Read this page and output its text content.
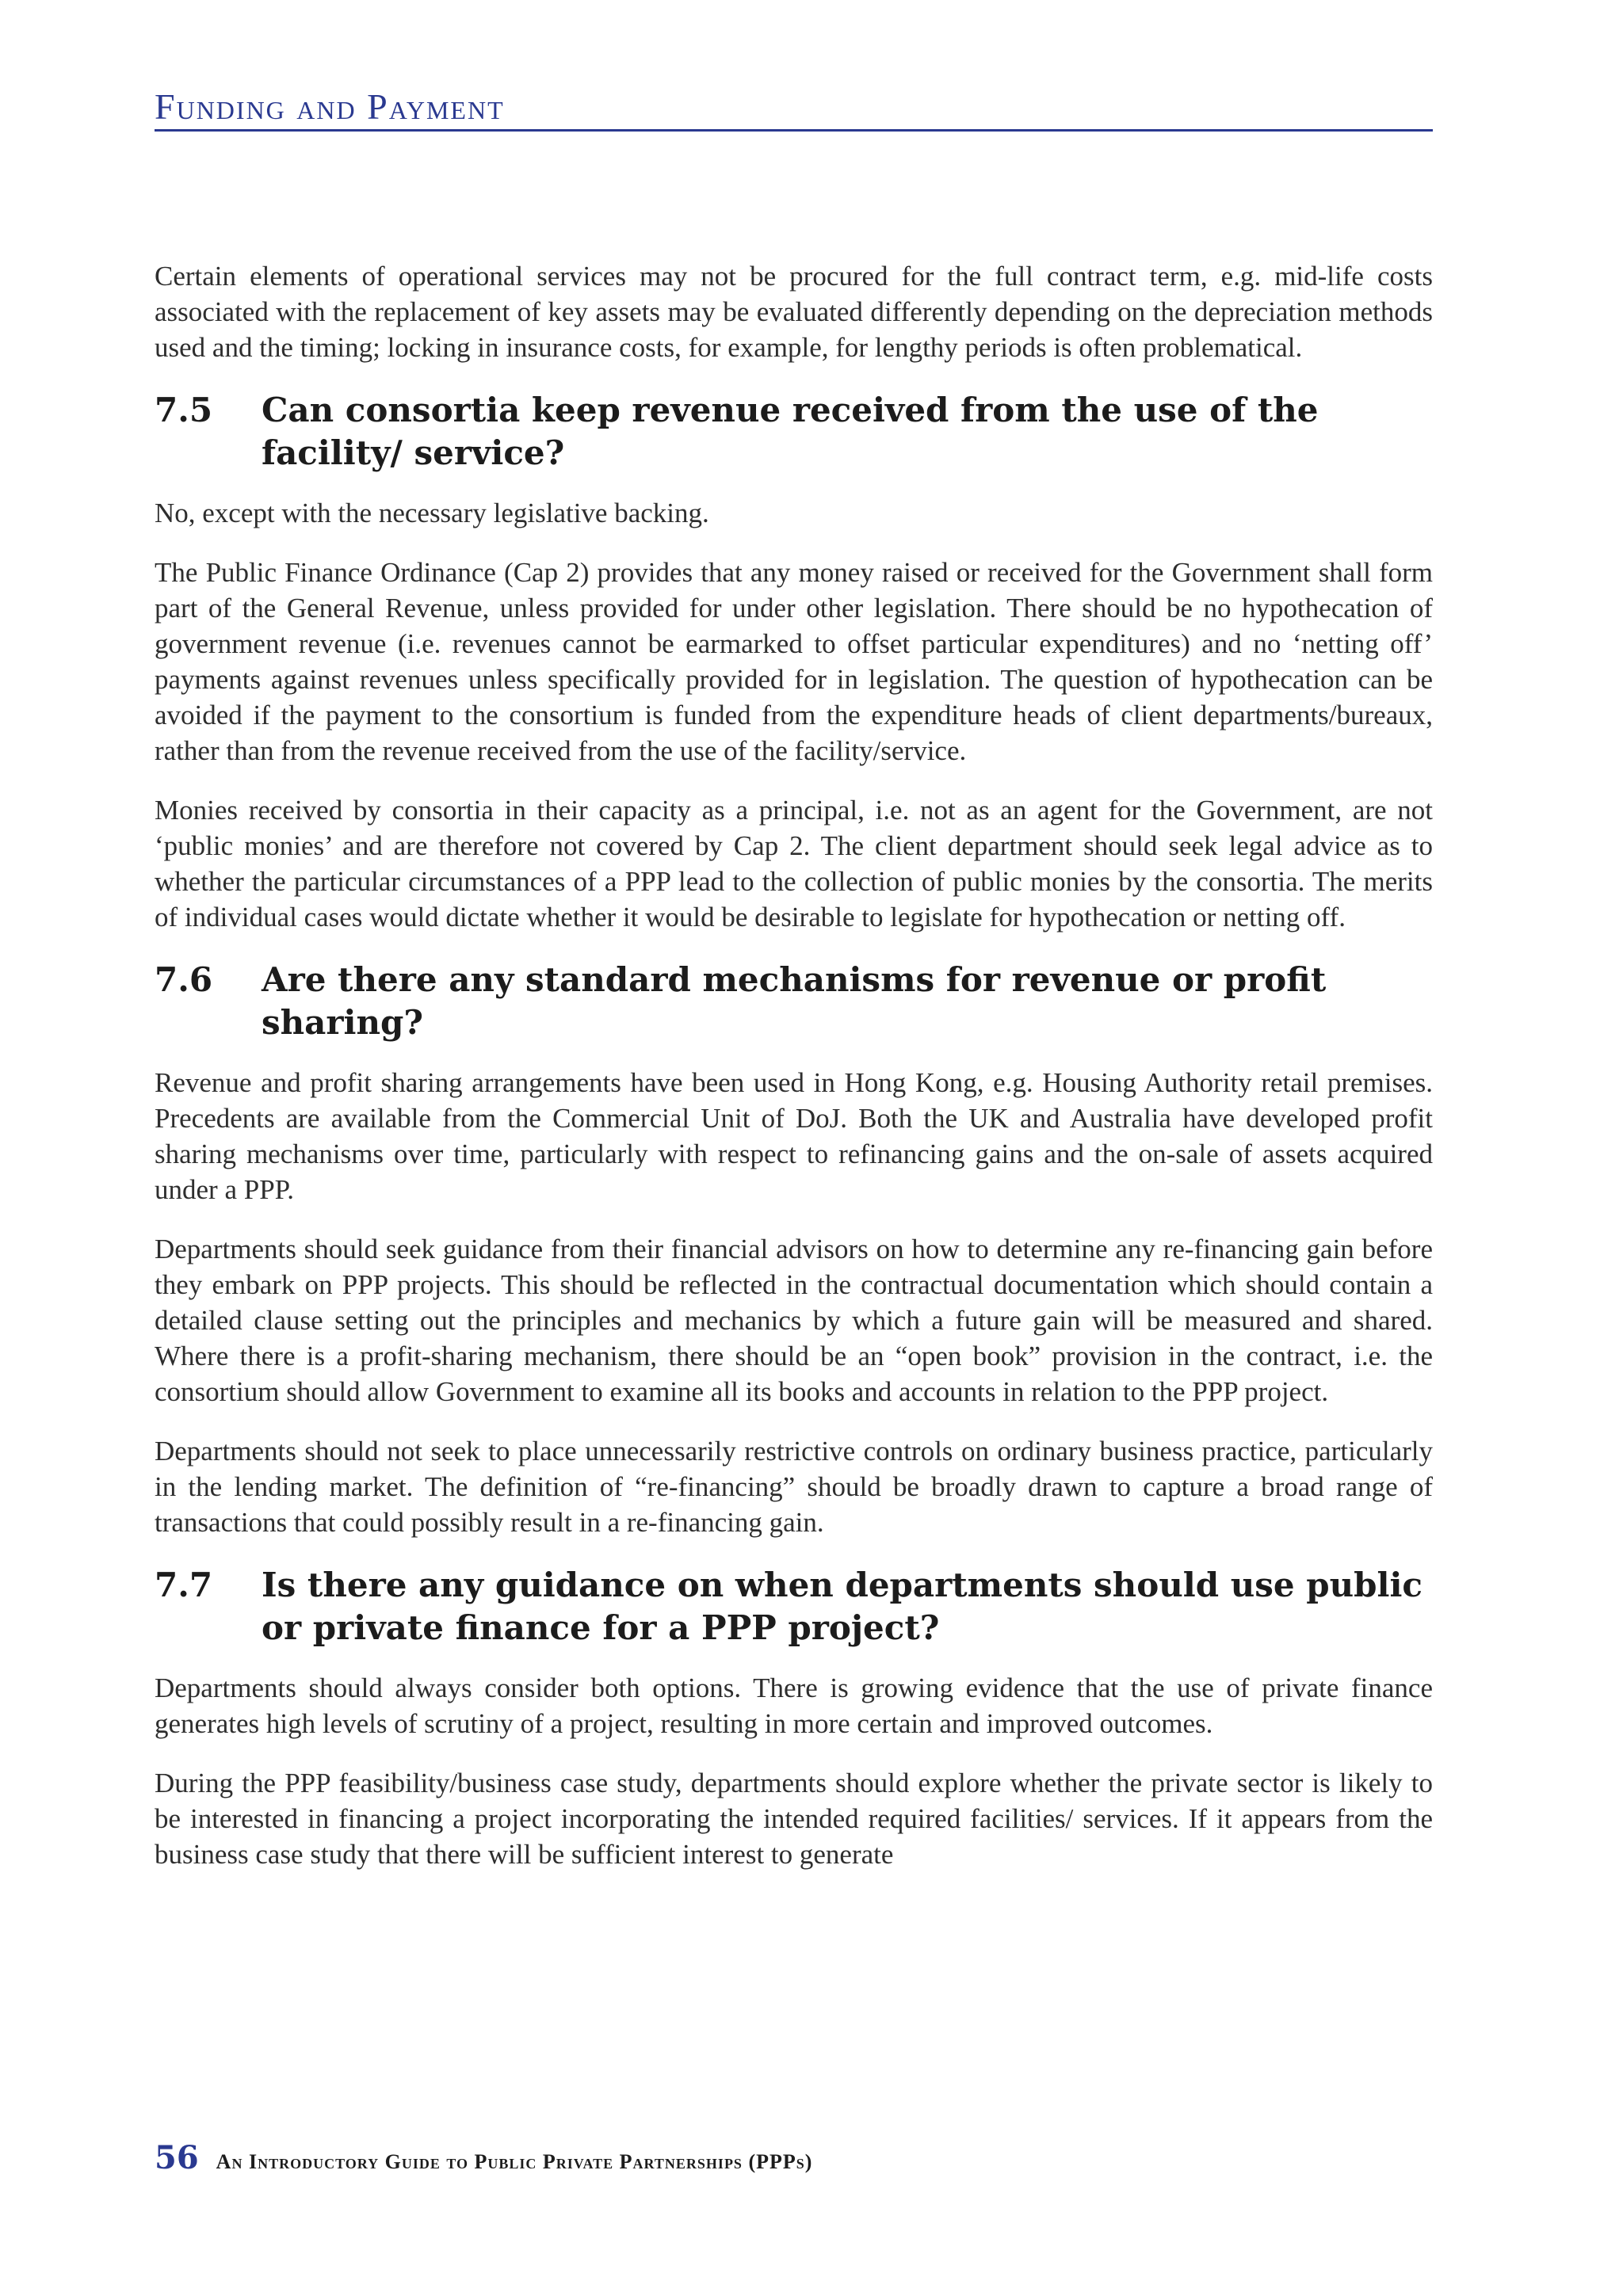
Funding and Payment

Certain elements of operational services may not be procured for the full contract term, e.g. mid-life costs associated with the replacement of key assets may be evaluated differently depending on the depreciation methods used and the timing; locking in insurance costs, for example, for lengthy periods is often problematical.

7.5	Can consortia keep revenue received from the use of the facility/ service?

No, except with the necessary legislative backing.

The Public Finance Ordinance (Cap 2) provides that any money raised or received for the Government shall form part of the General Revenue, unless provided for under other legislation. There should be no hypothecation of government revenue (i.e. revenues cannot be earmarked to offset particular expenditures) and no ‘netting off’ payments against revenues unless specifically provided for in legislation. The question of hypothecation can be avoided if the payment to the consortium is funded from the expenditure heads of client departments/bureaux, rather than from the revenue received from the use of the facility/service.

Monies received by consortia in their capacity as a principal, i.e. not as an agent for the Government, are not ‘public monies’ and are therefore not covered by Cap 2. The client department should seek legal advice as to whether the particular circumstances of a PPP lead to the collection of public monies by the consortia. The merits of individual cases would dictate whether it would be desirable to legislate for hypothecation or netting off.

7.6	Are there any standard mechanisms for revenue or profit sharing?

Revenue and profit sharing arrangements have been used in Hong Kong, e.g. Housing Authority retail premises. Precedents are available from the Commercial Unit of DoJ. Both the UK and Australia have developed profit sharing mechanisms over time, particularly with respect to refinancing gains and the on-sale of assets acquired under a PPP.

Departments should seek guidance from their financial advisors on how to determine any re-financing gain before they embark on PPP projects. This should be reflected in the contractual documentation which should contain a detailed clause setting out the principles and mechanics by which a future gain will be measured and shared. Where there is a profit-sharing mechanism, there should be an “open book” provision in the contract, i.e. the consortium should allow Government to examine all its books and accounts in relation to the PPP project.

Departments should not seek to place unnecessarily restrictive controls on ordinary business practice, particularly in the lending market. The definition of “re-financing” should be broadly drawn to capture a broad range of transactions that could possibly result in a re-financing gain.

7.7	Is there any guidance on when departments should use public or private finance for a PPP project?

Departments should always consider both options. There is growing evidence that the use of private finance generates high levels of scrutiny of a project, resulting in more certain and improved outcomes.

During the PPP feasibility/business case study, departments should explore whether the private sector is likely to be interested in financing a project incorporating the intended required facilities/ services. If it appears from the business case study that there will be sufficient interest to generate

56 An Introductory Guide to Public Private Partnerships (PPPs)
